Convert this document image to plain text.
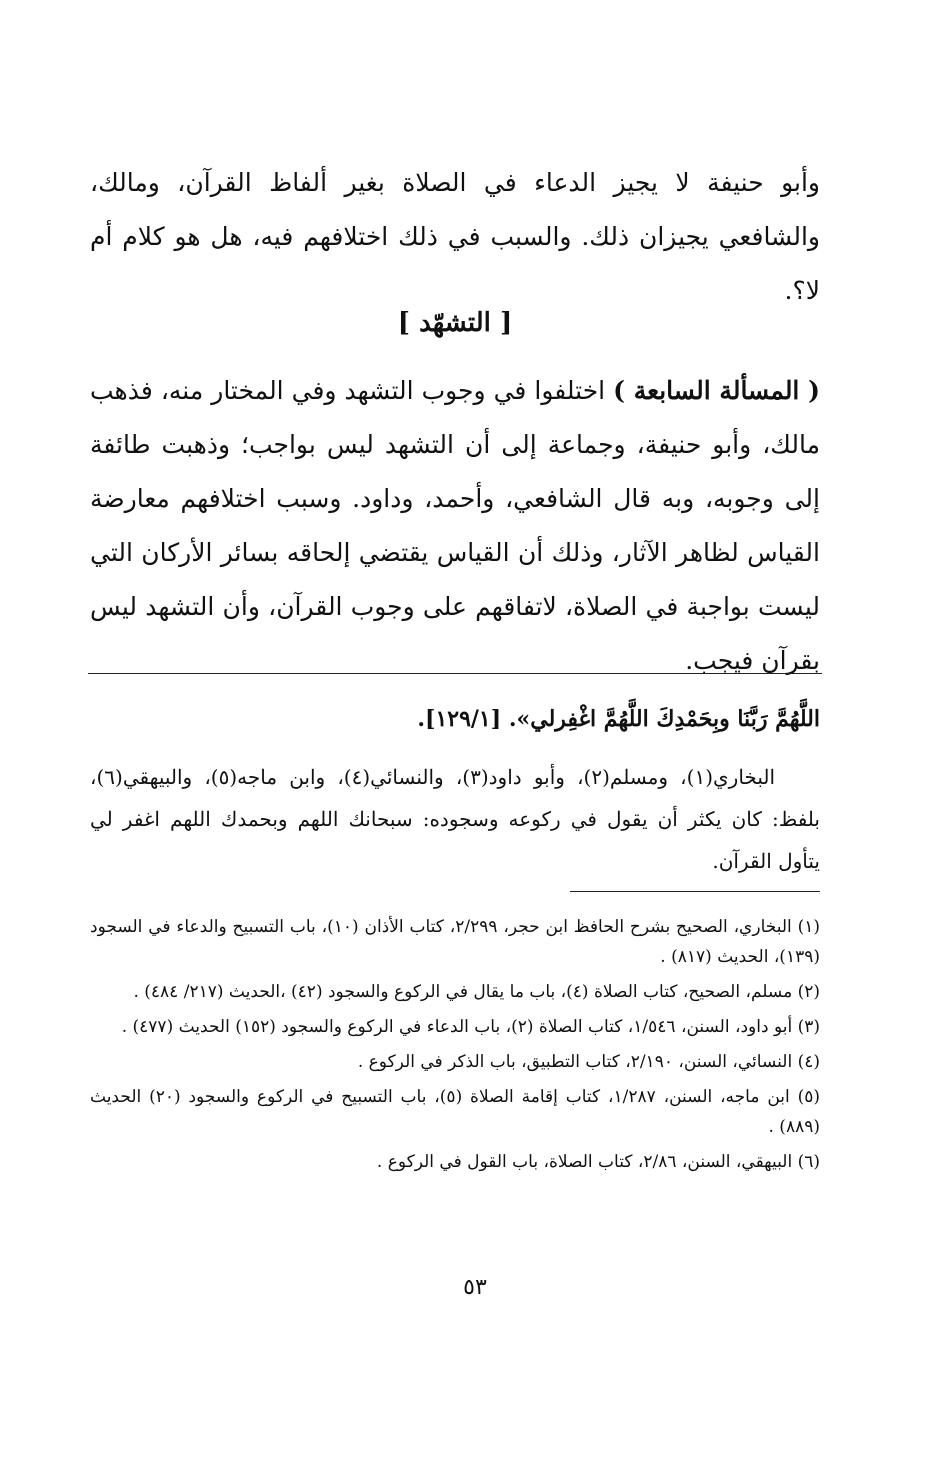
وأبو حنيفة لا يجيز الدعاء في الصلاة بغير ألفاظ القرآن، ومالك، والشافعي يجيزان ذلك. والسبب في ذلك اختلافهم فيه، هل هو كلام أم لا؟.

[ التشهّد ]

( المسألة السابعة ) اختلفوا في وجوب التشهد وفي المختار منه، فذهب مالك، وأبو حنيفة، وجماعة إلى أن التشهد ليس بواجب؛ وذهبت طائفة إلى وجوبه، وبه قال الشافعي، وأحمد، وداود. وسبب اختلافهم معارضة القياس لظاهر الآثار، وذلك أن القياس يقتضي إلحاقه بسائر الأركان التي ليست بواجبة في الصلاة، لاتفاقهم على وجوب القرآن، وأن التشهد ليس بقرآن فيجب.

اللَّهُمَّ رَبَّنَا وبِحَمْدِكَ اللَّهُمَّ اغْفِرلي». [١٢٩/١].

البخاري(١)، ومسلم(٢)، وأبو داود(٣)، والنسائي(٤)، وابن ماجه(٥)، والبيهقي(٦)، بلفظ: كان يكثر أن يقول في ركوعه وسجوده: سبحانك اللهم وبحمدك اللهم اغفر لي يتأول القرآن.

(١) البخاري، الصحيح بشرح الحافظ ابن حجر، ٢/٢٩٩، كتاب الأذان (١٠)، باب التسبيح والدعاء في السجود (١٣٩)، الحديث (٨١٧) .
(٢) مسلم، الصحيح، كتاب الصلاة (٤)، باب ما يقال في الركوع والسجود (٤٢) ،الحديث (٢١٧/ ٤٨٤) .
(٣) أبو داود، السنن، ١/٥٤٦، كتاب الصلاة (٢)، باب الدعاء في الركوع والسجود (١٥٢) الحديث (٤٧٧) .
(٤) النسائي، السنن، ٢/١٩٠، كتاب التطبيق، باب الذكر في الركوع .
(٥) ابن ماجه، السنن، ١/٢٨٧، كتاب إقامة الصلاة (٥)، باب التسبيح في الركوع والسجود (٢٠) الحديث (٨٨٩) .
(٦) البيهقي، السنن، ٢/٨٦، كتاب الصلاة، باب القول في الركوع .
٥٣
